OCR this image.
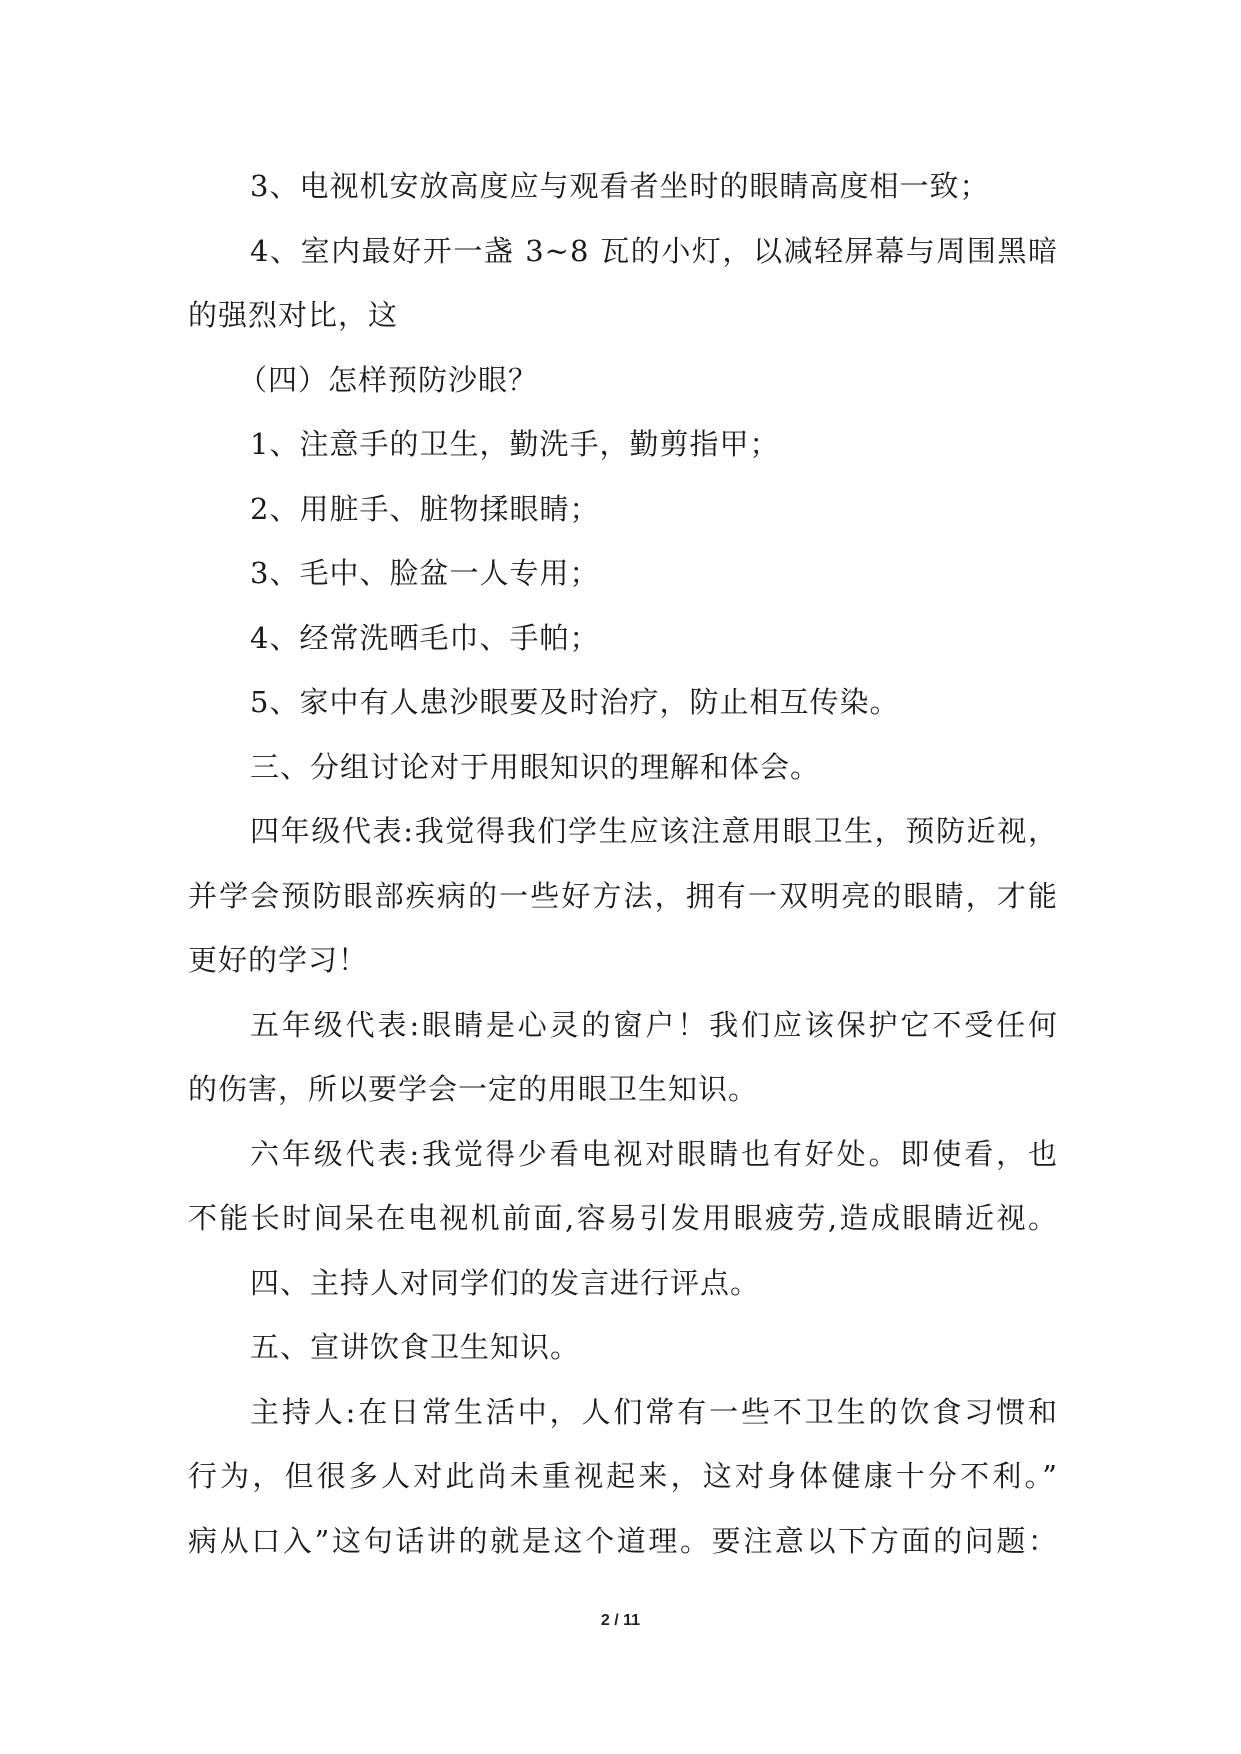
3、电视机安放高度应与观看者坐时的眼睛高度相一致；
4、室内最好开一盏 3~8 瓦的小灯，以减轻屏幕与周围黑暗
的强烈对比，这
（四）怎样预防沙眼？
1、注意手的卫生，勤洗手，勤剪指甲；
2、用脏手、脏物揉眼睛；
3、毛中、脸盆一人专用；
4、经常洗晒毛巾、手帕；
5、家中有人患沙眼要及时治疗，防止相互传染。
三、分组讨论对于用眼知识的理解和体会。
四年级代表:我觉得我们学生应该注意用眼卫生，预防近视，
并学会预防眼部疾病的一些好方法，拥有一双明亮的眼睛，才能
更好的学习！
五年级代表:眼睛是心灵的窗户！我们应该保护它不受任何
的伤害，所以要学会一定的用眼卫生知识。
六年级代表:我觉得少看电视对眼睛也有好处。即使看，也
不能长时间呆在电视机前面,容易引发用眼疲劳,造成眼睛近视。
四、主持人对同学们的发言进行评点。
五、宣讲饮食卫生知识。
主持人:在日常生活中，人们常有一些不卫生的饮食习惯和
行为，但很多人对此尚未重视起来，这对身体健康十分不利。”
病从口入”这句话讲的就是这个道理。要注意以下方面的问题：
2 / 11
